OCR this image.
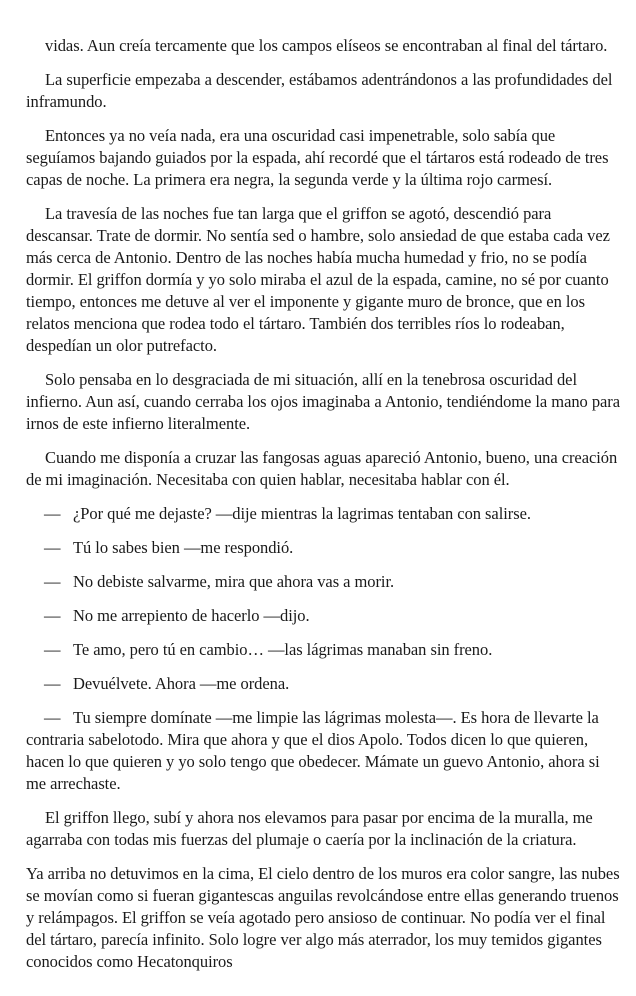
vidas. Aun creía tercamente que los campos elíseos se encontraban al final del tártaro.

La superficie empezaba a descender, estábamos adentrándonos a las profundidades del inframundo.

Entonces ya no veía nada, era una oscuridad casi impenetrable, solo sabía que seguíamos bajando guiados por la espada, ahí recordé que el tártaros está rodeado de tres capas de noche. La primera era negra, la segunda verde y la última rojo carmesí.

La travesía de las noches fue tan larga que el griffon se agotó, descendió para descansar. Trate de dormir. No sentía sed o hambre, solo ansiedad de que estaba cada vez más cerca de Antonio. Dentro de las noches había mucha humedad y frio, no se podía dormir. El griffon dormía y yo solo miraba el azul de la espada, camine, no sé por cuanto tiempo, entonces me detuve al ver el imponente y gigante muro de bronce, que en los relatos menciona que rodea todo el tártaro. También dos terribles ríos lo rodeaban, despedían un olor putrefacto.

Solo pensaba en lo desgraciada de mi situación, allí en la tenebrosa oscuridad del infierno. Aun así, cuando cerraba los ojos imaginaba a Antonio, tendiéndome la mano para irnos de este infierno literalmente.

Cuando me disponía a cruzar las fangosas aguas apareció Antonio, bueno, una creación de mi imaginación. Necesitaba con quien hablar, necesitaba hablar con él.

— ¿Por qué me dejaste? —dije mientras la lagrimas tentaban con salirse.

— Tú lo sabes bien —me respondió.

— No debiste salvarme, mira que ahora vas a morir.

— No me arrepiento de hacerlo —dijo.

— Te amo, pero tú en cambio… —las lágrimas manaban sin freno.

— Devuélvete. Ahora —me ordena.

— Tu siempre domínate —me limpie las lágrimas molesta—. Es hora de llevarte la contraria sabelotodo. Mira que ahora y que el dios Apolo. Todos dicen lo que quieren, hacen lo que quieren y yo solo tengo que obedecer. Mámate un guevo Antonio, ahora si me arrechaste.

El griffon llego, subí y ahora nos elevamos para pasar por encima de la muralla, me agarraba con todas mis fuerzas del plumaje o caería por la inclinación de la criatura.

Ya arriba no detuvimos en la cima, El cielo dentro de los muros era color sangre, las nubes se movían como si fueran gigantescas anguilas revolcándose entre ellas generando truenos y relámpagos. El griffon se veía agotado pero ansioso de continuar. No podía ver el final del tártaro, parecía infinito. Solo logre ver algo más aterrador, los muy temidos gigantes conocidos como Hecatonquiros
